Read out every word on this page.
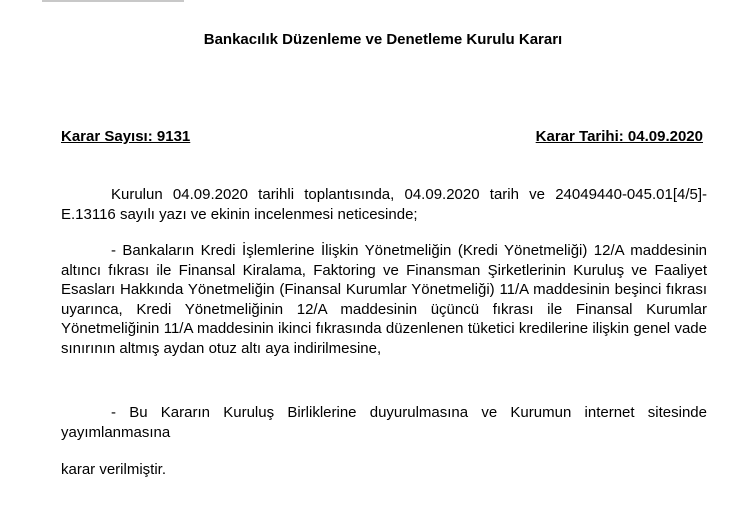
Bankacılık Düzenleme ve Denetleme Kurulu Kararı
Karar Sayısı: 9131	Karar Tarihi: 04.09.2020

Kurulun 04.09.2020 tarihli toplantısında, 04.09.2020 tarih ve 24049440-045.01[4/5]-E.13116 sayılı yazı ve ekinin incelenmesi neticesinde;

- Bankaların Kredi İşlemlerine İlişkin Yönetmeliğin (Kredi Yönetmeliği) 12/A maddesinin altıncı fıkrası ile Finansal Kiralama, Faktoring ve Finansman Şirketlerinin Kuruluş ve Faaliyet Esasları Hakkında Yönetmeliğin (Finansal Kurumlar Yönetmeliği) 11/A maddesinin beşinci fıkrası uyarınca, Kredi Yönetmeliğinin 12/A maddesinin üçüncü fıkrası ile Finansal Kurumlar Yönetmeliğinin 11/A maddesinin ikinci fıkrasında düzenlenen tüketici kredilerine ilişkin genel vade sınırının altmış aydan otuz altı aya indirilmesine,

- Bu Kararın Kuruluş Birliklerine duyurulmasına ve Kurumun internet sitesinde yayımlanmasına

karar verilmiştir.
